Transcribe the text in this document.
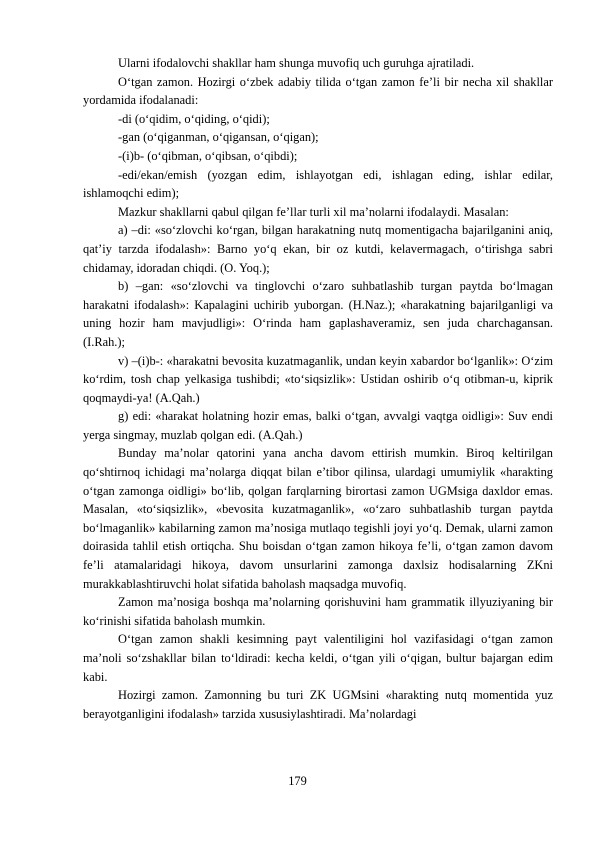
Ularni ifodalovchi shakllar ham shunga muvofiq uch guruhga ajratiladi.

O‘tgan zamon. Hozirgi o‘zbek adabiy tilida o‘tgan zamon fe’li bir necha xil shakllar yordamida ifodalanadi:

-di (o‘qidim, o‘qiding, o‘qidi);

-gan (o‘qiganman, o‘qigansan, o‘qigan);

-(i)b- (o‘qibman, o‘qibsan, o‘qibdi);

-edi/ekan/emish (yozgan edim, ishlayotgan edi, ishlagan eding, ishlar edilar, ishlamoqchi edim);

Mazkur shakllarni qabul qilgan fe’llar turli xil ma’nolarni ifodalaydi. Masalan:

a) –di: «so‘zlovchi ko‘rgan, bilgan harakatning nutq momentigacha bajarilganini aniq, qat’iy tarzda ifodalash»: Barno yo‘q ekan, bir oz kutdi, kelavermagach, o‘tirishga sabri chidamay, idoradan chiqdi. (O. Yoq.);

b) –gan: «so‘zlovchi va tinglovchi o‘zaro suhbatlashib turgan paytda bo‘lmagan harakatni ifodalash»: Kapalagini uchirib yuborgan. (H.Naz.); «harakatning bajarilganligi va uning hozir ham mavjudligi»: O‘rinda ham gaplashaveramiz, sen juda charchagansan. (I.Rah.);

v) –(i)b-: «harakatni bevosita kuzatmaganlik, undan keyin xabardor bo‘lganlik»: O‘zim ko‘rdim, tosh chap yelkasiga tushibdi; «to‘siqsizlik»: Ustidan oshirib o‘q otibman-u, kiprik qoqmaydi-ya! (A.Qah.)

g) edi: «harakat holatning hozir emas, balki o‘tgan, avvalgi vaqtga oidligi»: Suv endi yerga singmay, muzlab qolgan edi. (A.Qah.)

Bunday ma’nolar qatorini yana ancha davom ettirish mumkin. Biroq keltirilgan qo‘shtirnoq ichidagi ma’nolarga diqqat bilan e’tibor qilinsa, ulardagi umumiylik «harakting o‘tgan zamonga oidligi» bo‘lib, qolgan farqlarning birortasi zamon UGMsiga daxldor emas. Masalan, «to‘siqsizlik», «bevosita kuzatmaganlik», «o‘zaro suhbatlashib turgan paytda bo‘lmaganlik» kabilarning zamon ma’nosiga mutlaqo tegishli joyi yo‘q. Demak, ularni zamon doirasida tahlil etish ortiqcha. Shu boisdan o‘tgan zamon hikoya fe’li, o‘tgan zamon davom fe’li atamalaridagi hikoya, davom unsurlarini zamonga daxlsiz hodisalarning ZKni murakkablashtiruvchi holat sifatida baholash maqsadga muvofiq.

Zamon ma’nosiga boshqa ma’nolarning qorishuvini ham grammatik illyuziyaning bir ko‘rinishi sifatida baholash mumkin.

O‘tgan zamon shakli kesimning payt valentiligini hol vazifasidagi o‘tgan zamon ma’noli so‘zshakllar bilan to‘ldiradi: kecha keldi, o‘tgan yili o‘qigan, bultur bajargan edim kabi.

Hozirgi zamon. Zamonning bu turi ZK UGMsini «harakting nutq momentida yuz berayotganligini ifodalash» tarzida xususiylashtiradi. Ma’nolardagi

179
